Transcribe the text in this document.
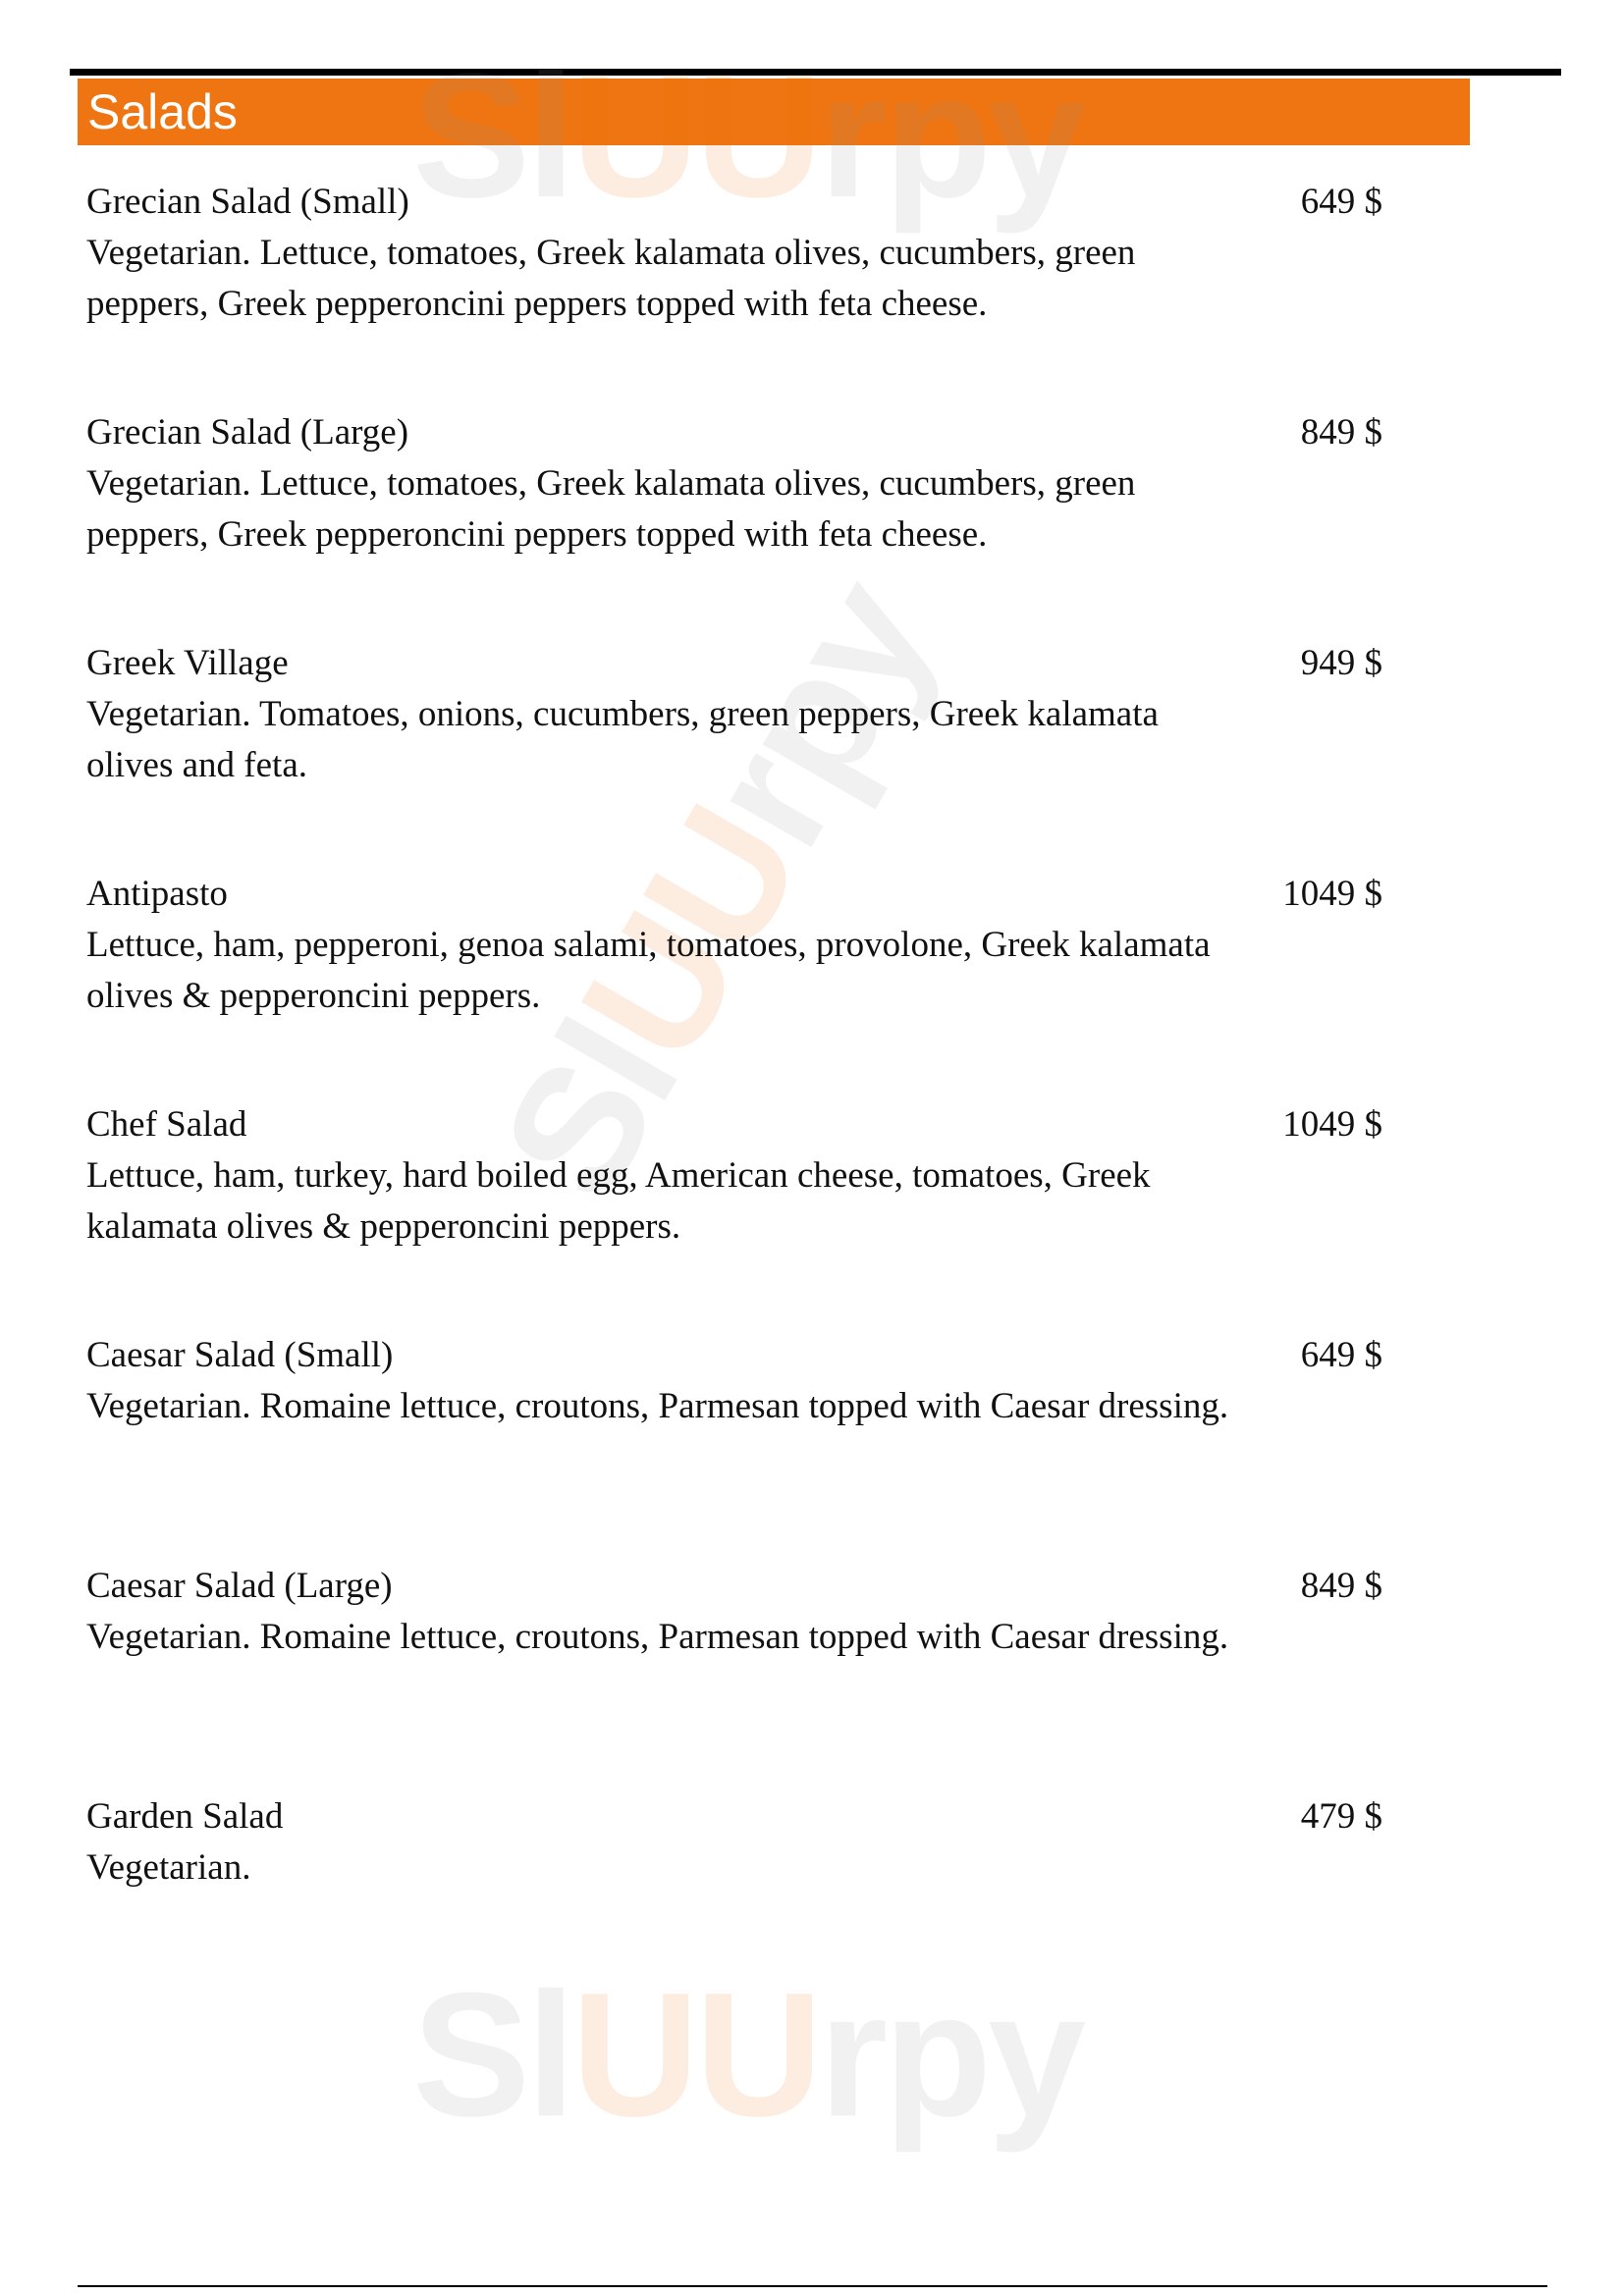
Salads
SlUUrpy
SlUUrpy

Grecian Salad (Small)

Vegetarian. Lettuce, tomatoes, Greek kalamata olives, cucumbers, green peppers, Greek pepperoncini peppers topped with feta cheese.

649 $

Grecian Salad (Large)

Vegetarian. Lettuce, tomatoes, Greek kalamata olives, cucumbers, green peppers, Greek pepperoncini peppers topped with feta cheese.

849 $

Greek Village

Vegetarian. Tomatoes, onions, cucumbers, green peppers, Greek kalamata olives and feta.

949 $

Antipasto

Lettuce, ham, pepperoni, genoa salami, tomatoes, provolone, Greek kalamata olives & pepperoncini peppers.

1049 $

Chef Salad

Lettuce, ham, turkey, hard boiled egg, American cheese, tomatoes, Greek kalamata olives & pepperoncini peppers.

1049 $

Caesar Salad (Small)

Vegetarian. Romaine lettuce, croutons, Parmesan topped with Caesar dressing.

649 $

Caesar Salad (Large)

Vegetarian. Romaine lettuce, croutons, Parmesan topped with Caesar dressing.

849 $

Garden Salad

Vegetarian.

479 $
